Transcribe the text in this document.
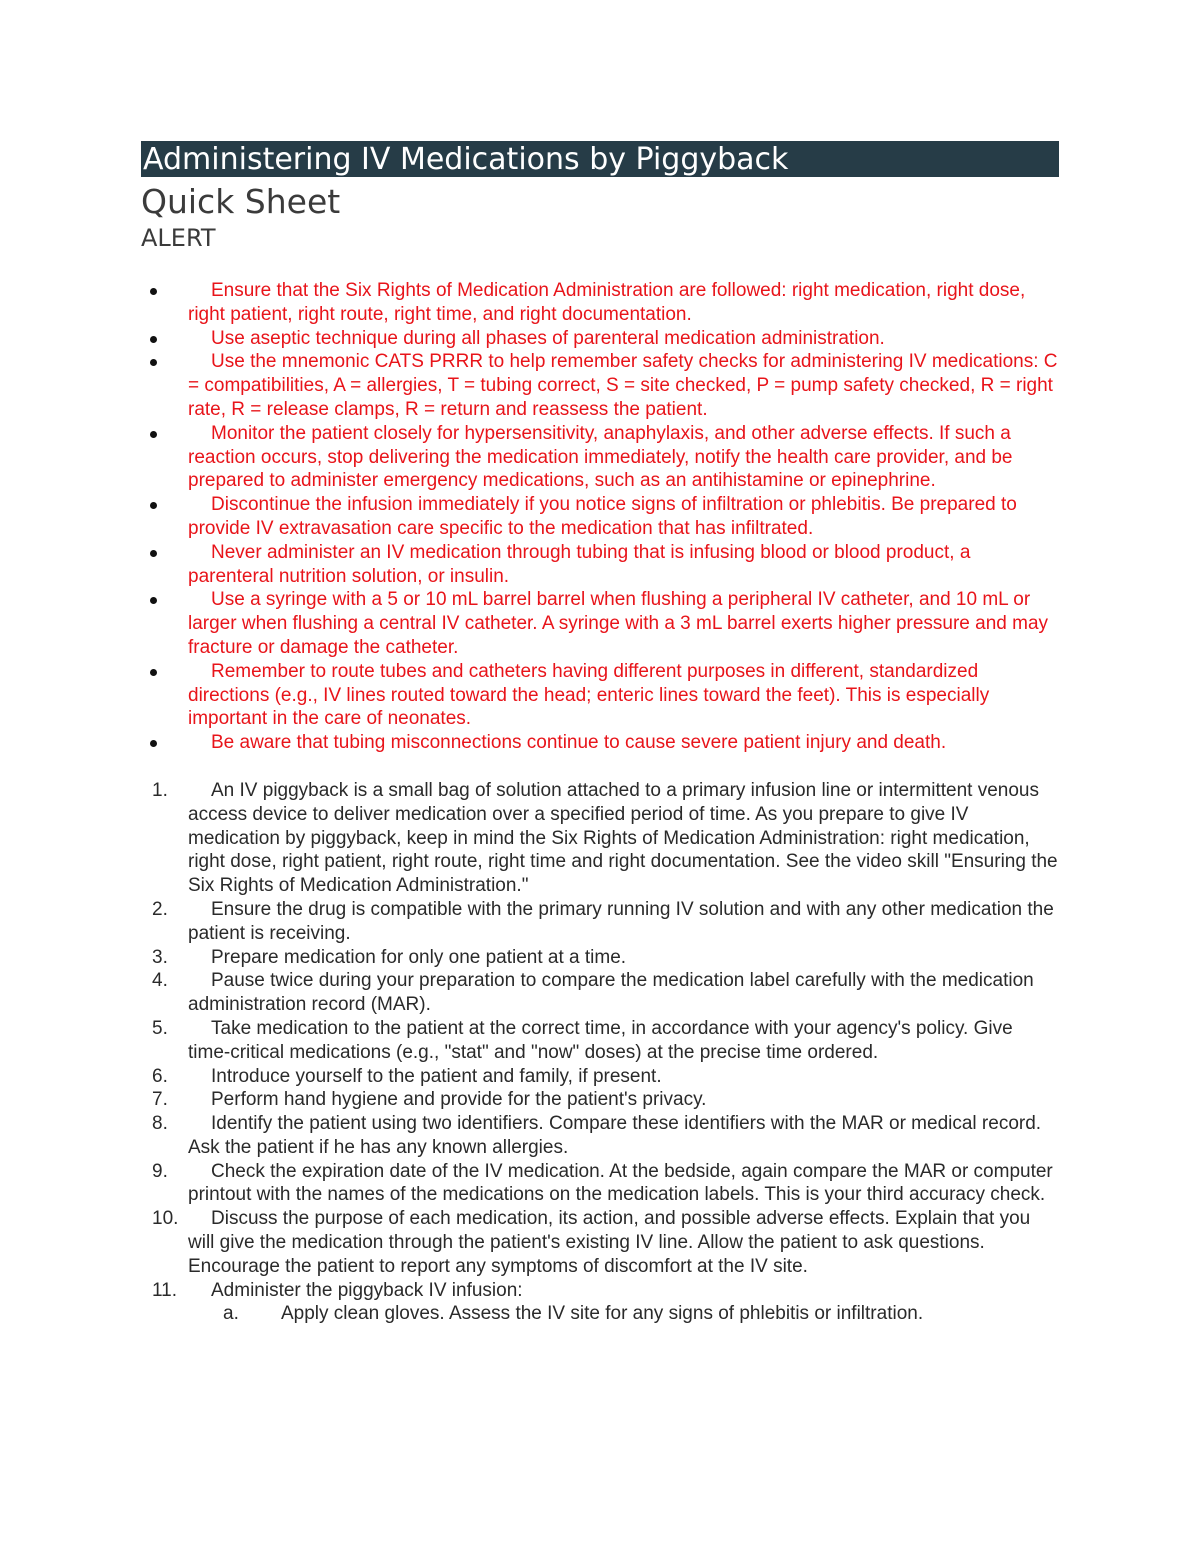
Administering IV Medications by Piggyback
Quick Sheet
ALERT
Ensure that the Six Rights of Medication Administration are followed: right medication, right dose, right patient, right route, right time, and right documentation.
Use aseptic technique during all phases of parenteral medication administration.
Use the mnemonic CATS PRRR to help remember safety checks for administering IV medications: C = compatibilities, A = allergies, T = tubing correct, S = site checked, P = pump safety checked, R = right rate, R = release clamps, R = return and reassess the patient.
Monitor the patient closely for hypersensitivity, anaphylaxis, and other adverse effects. If such a reaction occurs, stop delivering the medication immediately, notify the health care provider, and be prepared to administer emergency medications, such as an antihistamine or epinephrine.
Discontinue the infusion immediately if you notice signs of infiltration or phlebitis. Be prepared to provide IV extravasation care specific to the medication that has infiltrated.
Never administer an IV medication through tubing that is infusing blood or blood product, a parenteral nutrition solution, or insulin.
Use a syringe with a 5 or 10 mL barrel barrel when flushing a peripheral IV catheter, and 10 mL or larger when flushing a central IV catheter. A syringe with a 3 mL barrel exerts higher pressure and may fracture or damage the catheter.
Remember to route tubes and catheters having different purposes in different, standardized directions (e.g., IV lines routed toward the head; enteric lines toward the feet). This is especially important in the care of neonates.
Be aware that tubing misconnections continue to cause severe patient injury and death.
1.	An IV piggyback is a small bag of solution attached to a primary infusion line or intermittent venous access device to deliver medication over a specified period of time. As you prepare to give IV medication by piggyback, keep in mind the Six Rights of Medication Administration: right medication, right dose, right patient, right route, right time and right documentation. See the video skill "Ensuring the Six Rights of Medication Administration."
2.	Ensure the drug is compatible with the primary running IV solution and with any other medication the patient is receiving.
3.	Prepare medication for only one patient at a time.
4.	Pause twice during your preparation to compare the medication label carefully with the medication administration record (MAR).
5.	Take medication to the patient at the correct time, in accordance with your agency's policy. Give time-critical medications (e.g., "stat" and "now" doses) at the precise time ordered.
6.	Introduce yourself to the patient and family, if present.
7.	Perform hand hygiene and provide for the patient's privacy.
8.	Identify the patient using two identifiers. Compare these identifiers with the MAR or medical record. Ask the patient if he has any known allergies.
9.	Check the expiration date of the IV medication. At the bedside, again compare the MAR or computer printout with the names of the medications on the medication labels. This is your third accuracy check.
10.	Discuss the purpose of each medication, its action, and possible adverse effects. Explain that you will give the medication through the patient's existing IV line. Allow the patient to ask questions. Encourage the patient to report any symptoms of discomfort at the IV site.
11.	Administer the piggyback IV infusion:
a.	Apply clean gloves. Assess the IV site for any signs of phlebitis or infiltration.
